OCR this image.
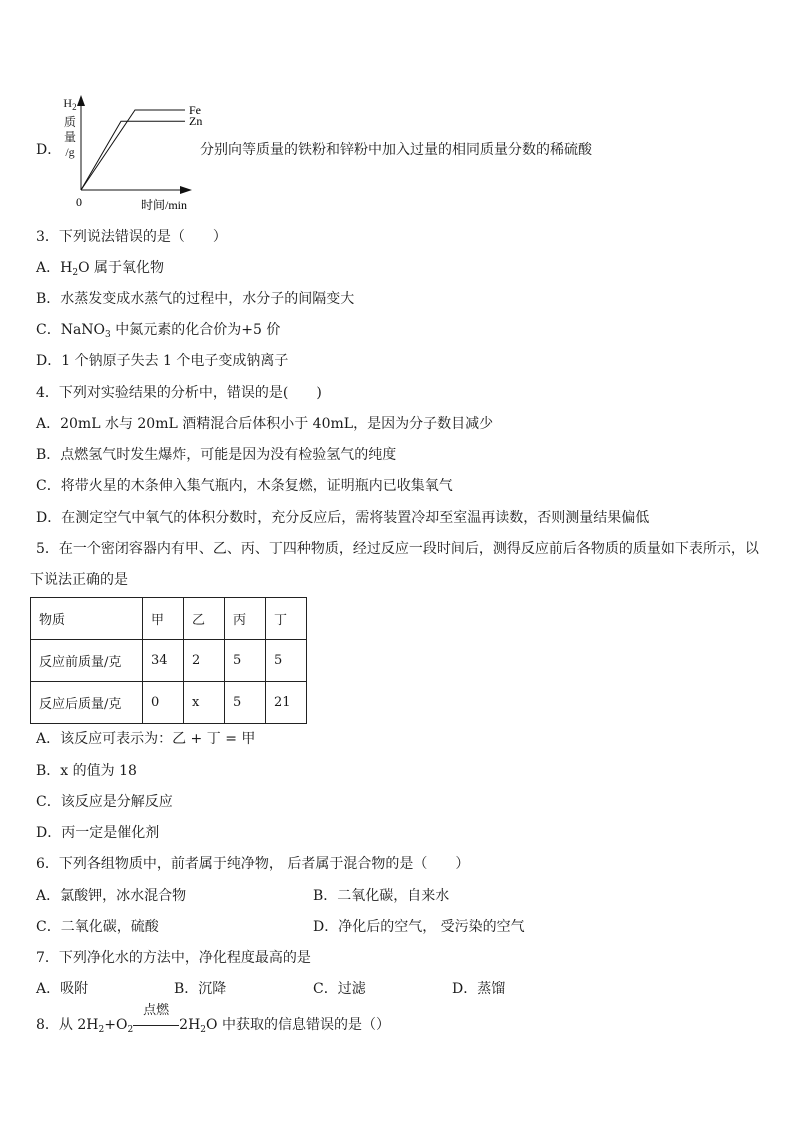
D．
Fe
Zn
0	时间/min
$H_2$
质
量
/g	分别向等质量的铁粉和锌粉中加入过量的相同质量分数的稀硫酸
3．下列说法错误的是（　　）
A．$H_2O$ 属于氧化物
B．水蒸发变成水蒸气的过程中，水分子的间隔变大
C．NaNO$_3$ 中氮元素的化合价为+5 价
D．1 个钠原子失去 1 个电子变成钠离子
4．下列对实验结果的分析中，错误的是(　　)
A．20mL 水与 20mL 酒精混合后体积小于 40mL，是因为分子数目减少
B．点燃氢气时发生爆炸，可能是因为没有检验氢气的纯度
C．将带火星的木条伸入集气瓶内，木条复燃，证明瓶内已收集氧气
D．在测定空气中氧气的体积分数时，充分反应后，需将装置冷却至室温再读数，否则测量结果偏低
5．在一个密闭容器内有甲、乙、丙、丁四种物质，经过反应一段时间后，测得反应前后各物质的质量如下表所示，以
下说法正确的是
物质	甲	乙	丙	丁
反应前质量/克	34	2	5	5
反应后质量/克	0	x	5	21
A．该反应可表示为：乙 + 丁 = 甲
B．x 的值为 18
C．该反应是分解反应
D．丙一定是催化剂
6．下列各组物质中，前者属于纯净物， 后者属于混合物的是（　　）
A．氯酸钾，冰水混合物	B．二氧化碳，自来水
C．二氧化碳，硫酸	D．净化后的空气， 受污染的空气
7．下列净化水的方法中，净化程度最高的是
A．吸附	B．沉降	C．过滤	D．蒸馏
8．从 $2H_2+O_2$
点燃
$2H_2O$ 中获取的信息错误的是（）
